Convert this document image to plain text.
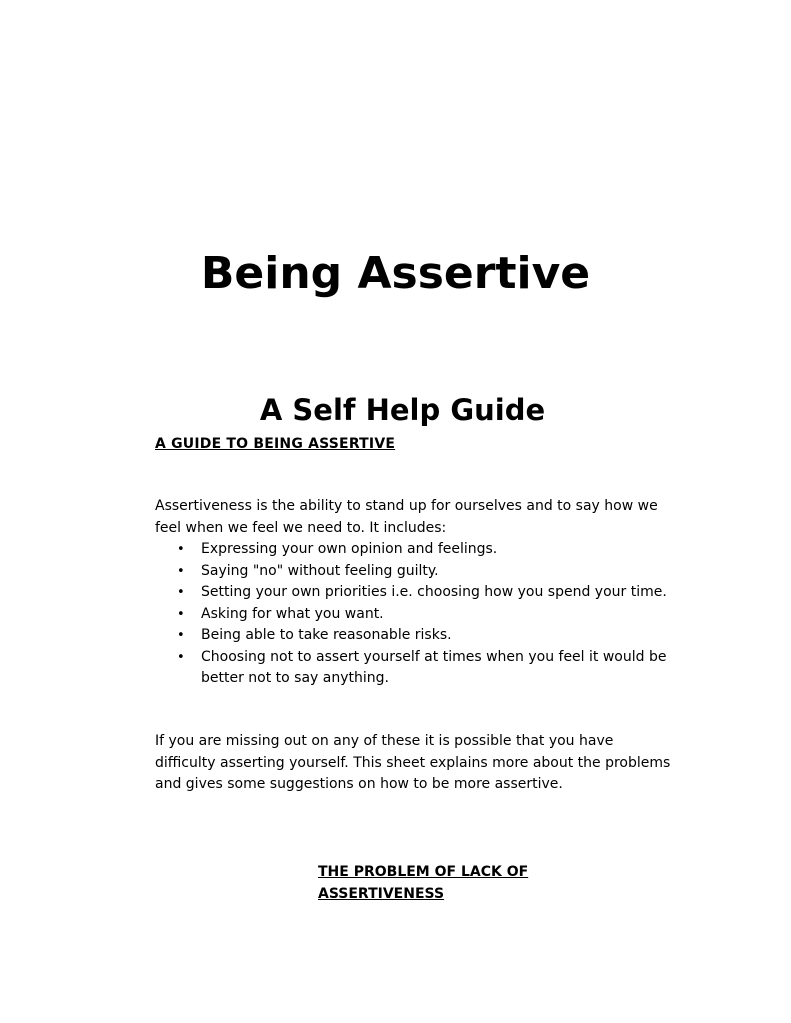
Being Assertive
A Self Help Guide
A GUIDE TO BEING ASSERTIVE

Assertiveness is the ability to stand up for ourselves and to say how we feel when we feel we need to. It includes:

• Expressing your own opinion and feelings.
• Saying "no" without feeling guilty.
• Setting your own priorities i.e. choosing how you spend your time.
• Asking for what you want.
• Being able to take reasonable risks.
• Choosing not to assert yourself at times when you feel it would be better not to say anything.

If you are missing out on any of these it is possible that you have difficulty asserting yourself. This sheet explains more about the problems and gives some suggestions on how to be more assertive.

THE PROBLEM OF LACK OF
ASSERTIVENESS
